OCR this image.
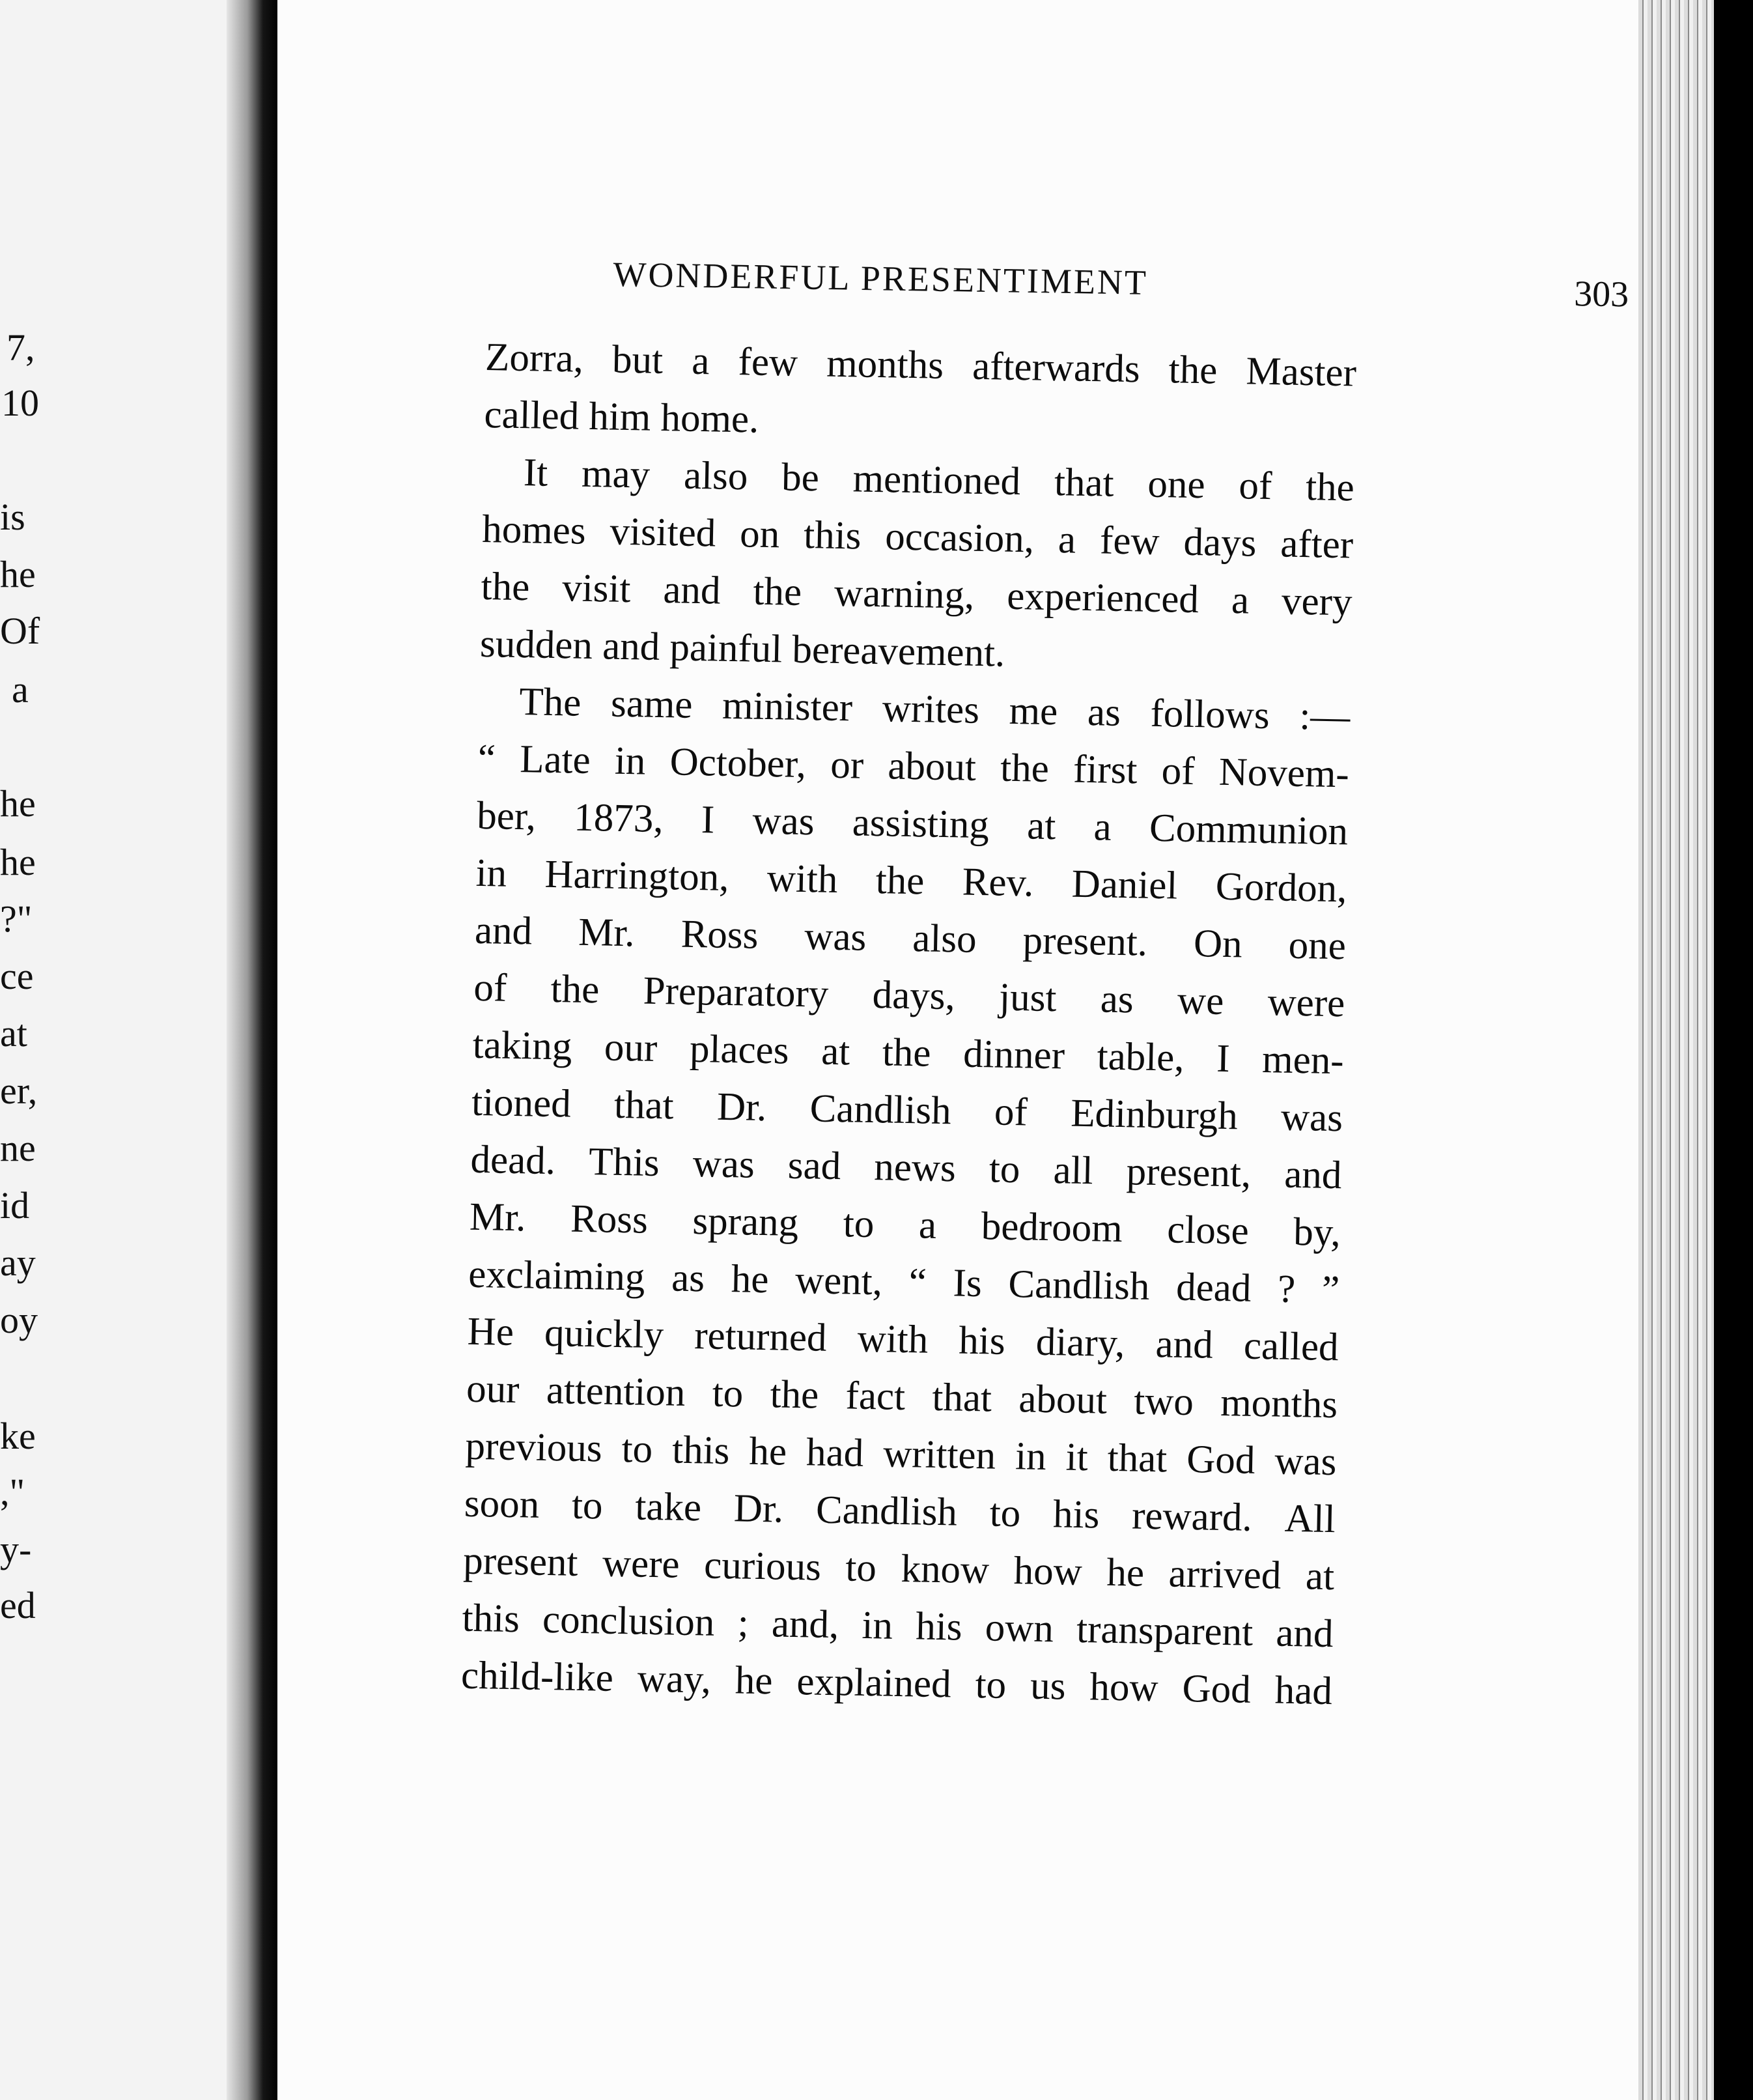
7,
10
is
he
Of
a
he
he
?"
ce
at
er,
ne
id
ay
oy
ke
,"
y-
ed
WONDERFUL PRESENTIMENT	303
Zorra, but a few months afterwards the Master
called him home.
It may also be mentioned that one of the
homes visited on this occasion, a few days after
the visit and the warning, experienced a very
sudden and painful bereavement.
The same minister writes me as follows :—
“ Late in October, or about the first of Novem-
ber, 1873, I was assisting at a Communion
in Harrington, with the Rev. Daniel Gordon,
and Mr. Ross was also present. On one
of the Preparatory days, just as we were
taking our places at the dinner table, I men-
tioned that Dr. Candlish of Edinburgh was
dead. This was sad news to all present, and
Mr. Ross sprang to a bedroom close by,
exclaiming as he went, “ Is Candlish dead ? ”
He quickly returned with his diary, and called
our attention to the fact that about two months
previous to this he had written in it that God was
soon to take Dr. Candlish to his reward. All
present were curious to know how he arrived at
this conclusion ; and, in his own transparent and
child-like way, he explained to us how God had
